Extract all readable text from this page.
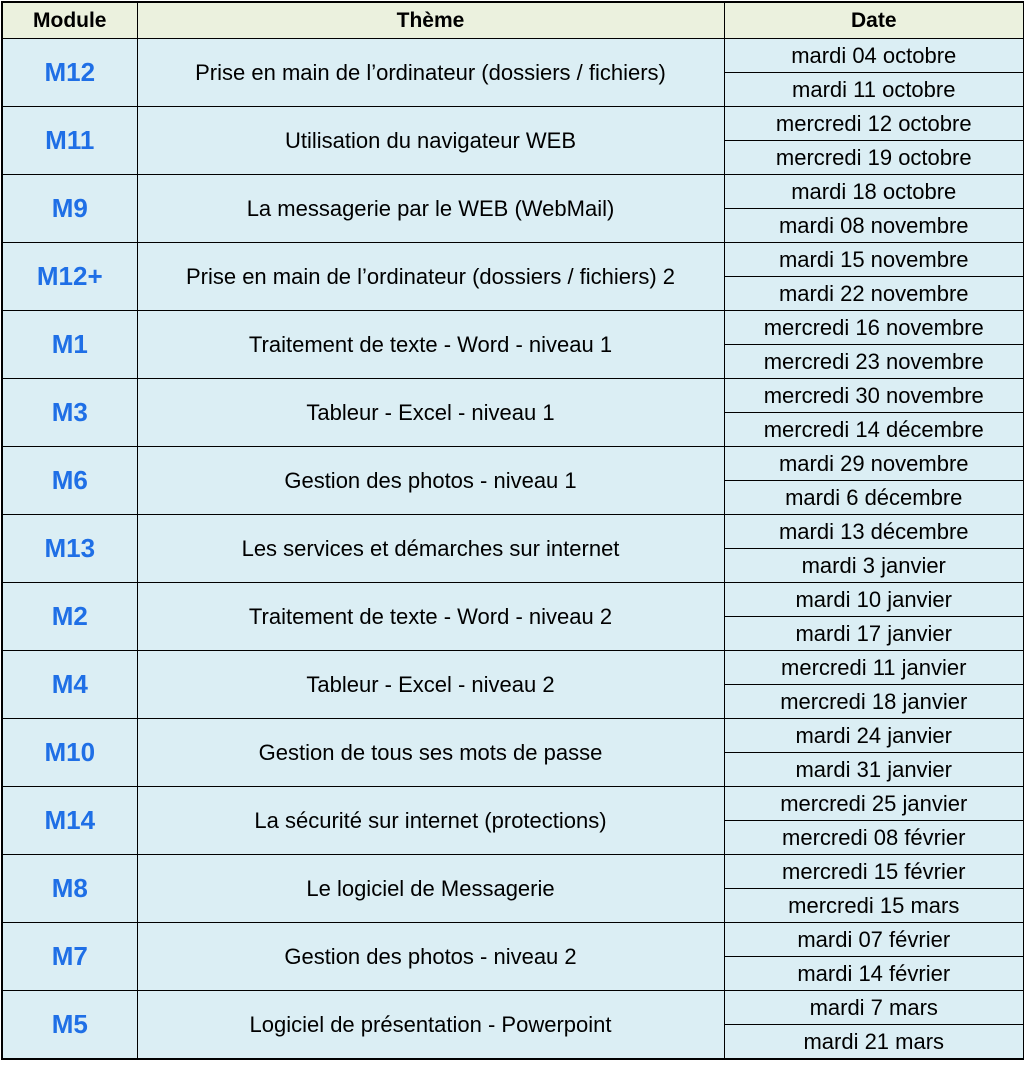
Module	Thème	Date
M12	Prise en main de l’ordinateur (dossiers / fichiers)	mardi 04 octobre
		mardi 11 octobre
M11	Utilisation du navigateur WEB	mercredi 12 octobre
		mercredi 19 octobre
M9	La messagerie par le WEB (WebMail)	mardi 18 octobre
		mardi 08 novembre
M12+	Prise en main de l’ordinateur (dossiers / fichiers) 2	mardi 15 novembre
		mardi 22 novembre
M1	Traitement de texte - Word - niveau 1	mercredi 16 novembre
		mercredi 23 novembre
M3	Tableur - Excel - niveau 1	mercredi 30 novembre
		mercredi 14 décembre
M6	Gestion des photos - niveau 1	mardi 29 novembre
		mardi 6 décembre
M13	Les services et démarches sur internet	mardi 13 décembre
		mardi 3 janvier
M2	Traitement de texte - Word - niveau 2	mardi 10 janvier
		mardi 17 janvier
M4	Tableur - Excel - niveau 2	mercredi 11 janvier
		mercredi 18 janvier
M10	Gestion de tous ses mots de passe	mardi 24 janvier
		mardi 31 janvier
M14	La sécurité sur internet (protections)	mercredi 25 janvier
		mercredi 08 février
M8	Le logiciel de Messagerie	mercredi 15 février
		mercredi 15 mars
M7	Gestion des photos - niveau 2	mardi 07 février
		mardi 14 février
M5	Logiciel de présentation - Powerpoint	mardi 7 mars
		mardi 21 mars
